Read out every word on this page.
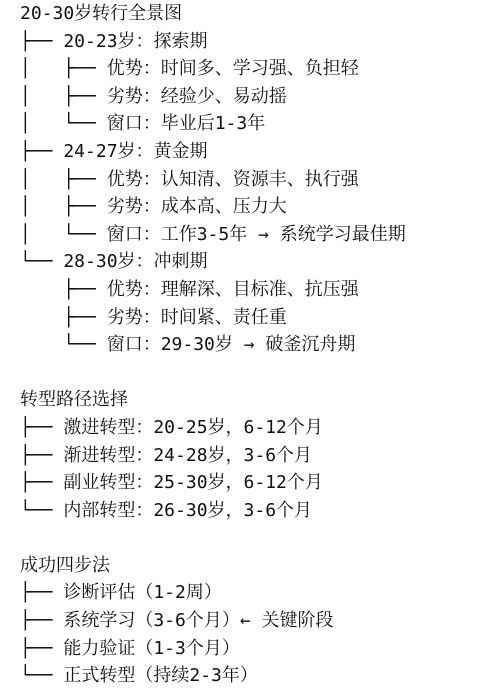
20-30岁转行全景图
├── 20-23岁：探索期
│   ├── 优势：时间多、学习强、负担轻
│   ├── 劣势：经验少、易动摇
│   └── 窗口：毕业后1-3年
├── 24-27岁：黄金期
│   ├── 优势：认知清、资源丰、执行强
│   ├── 劣势：成本高、压力大
│   └── 窗口：工作3-5年 → 系统学习最佳期
└── 28-30岁：冲刺期
├── 优势：理解深、目标准、抗压强
├── 劣势：时间紧、责任重
└── 窗口：29-30岁 → 破釜沉舟期
转型路径选择
├── 激进转型：20-25岁，6-12个月
├── 渐进转型：24-28岁，3-6个月
├── 副业转型：25-30岁，6-12个月
└── 内部转型：26-30岁，3-6个月
成功四步法
├── 诊断评估（1-2周）
├── 系统学习（3-6个月）← 关键阶段
├── 能力验证（1-3个月）
└── 正式转型（持续2-3年）
